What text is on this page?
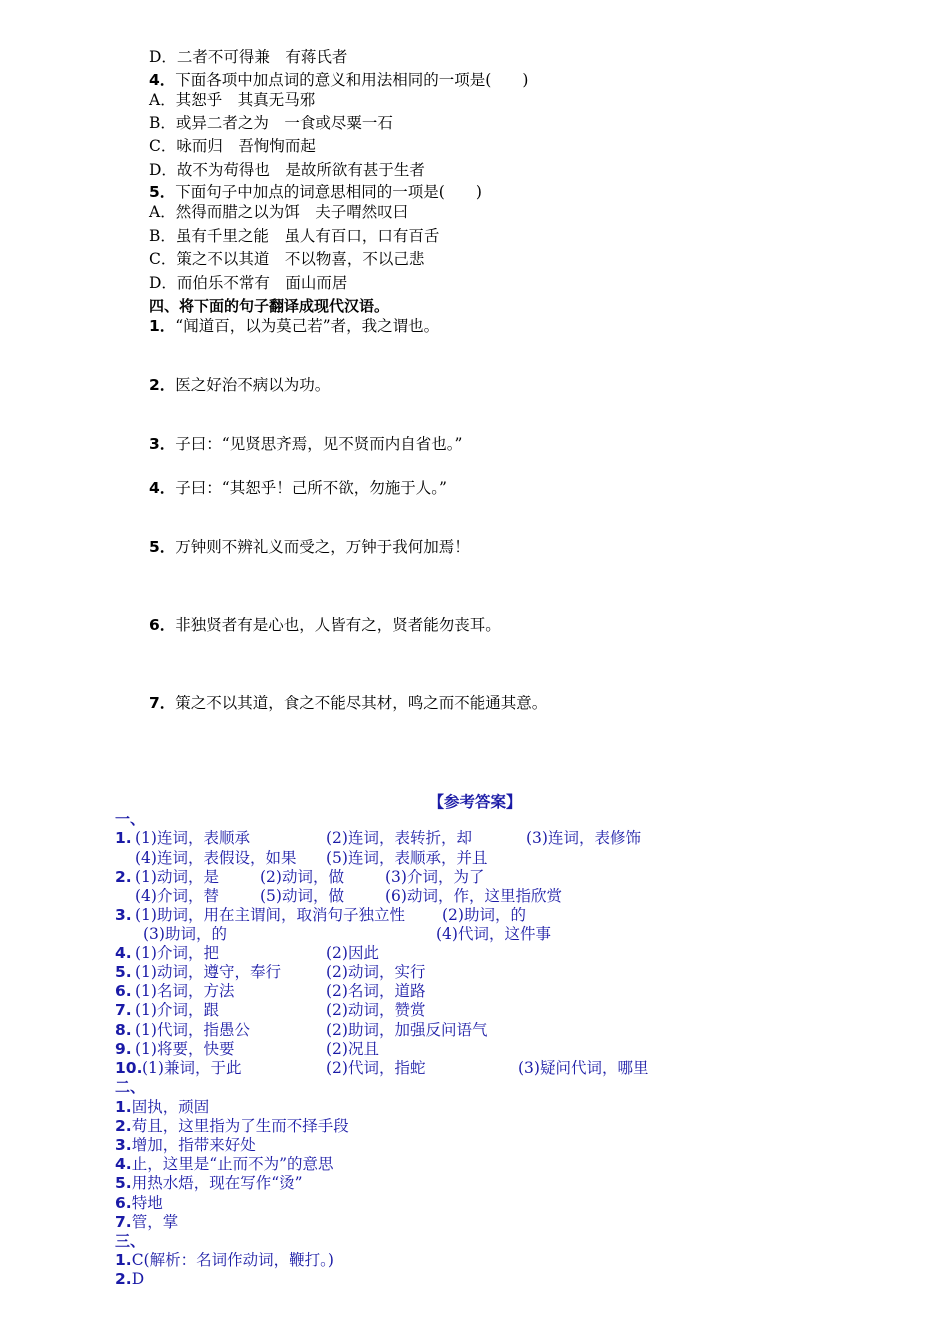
D．二者不可得兼　有蒋氏者
4．下面各项中加点词的意义和用法相同的一项是(　　)
A．其恕乎　其真无马邪
B．或异二者之为　一食或尽粟一石
C．咏而归　吾恂恂而起
D．故不为苟得也　是故所欲有甚于生者
5．下面句子中加点的词意思相同的一项是(　　)
A．然得而腊之以为饵　夫子喟然叹曰
B．虽有千里之能　虽人有百口，口有百舌
C．策之不以其道　不以物喜，不以己悲
D．而伯乐不常有　面山而居
四、将下面的句子翻译成现代汉语。
1．“闻道百，以为莫己若”者，我之谓也。
2．医之好治不病以为功。
3．子曰：“见贤思齐焉，见不贤而内自省也。”
4．子曰：“其恕乎！己所不欲，勿施于人。”
5．万钟则不辨礼义而受之，万钟于我何加焉！
6．非独贤者有是心也，人皆有之，贤者能勿丧耳。
7．策之不以其道，食之不能尽其材，鸣之而不能通其意。
【参考答案】
一、
1. (1)连词，表顺承	(2)连词，表转折，却	(3)连词，表修饰
(4)连词，表假设，如果 (5)连词，表顺承，并且
2. (1)动词，是	(2)动词，做	(3)介词，为了
(4)介词，替	(5)动词，做	(6)动词，作，这里指欣赏
3. (1)助词，用在主谓间，取消句子独立性 (2)助词，的
(3)助词，的	(4)代词，这件事
4. (1)介词，把	(2)因此
5. (1)动词，遵守，奉行	(2)动词，实行
6. (1)名词，方法	(2)名词，道路
7. (1)介词，跟	(2)动词，赞赏
8. (1)代词，指愚公	(2)助词，加强反问语气
9. (1)将要，快要	(2)况且
10. (1)兼词，于此	(2)代词，指蛇	(3)疑问代词，哪里
二、
1.固执，顽固
2.苟且，这里指为了生而不择手段
3.增加，指带来好处
4.止，这里是“止而不为”的意思
5.用热水焐，现在写作“烫”
6.特地
7.管，掌
三、
1.C(解析：名词作动词，鞭打。)
2.D
